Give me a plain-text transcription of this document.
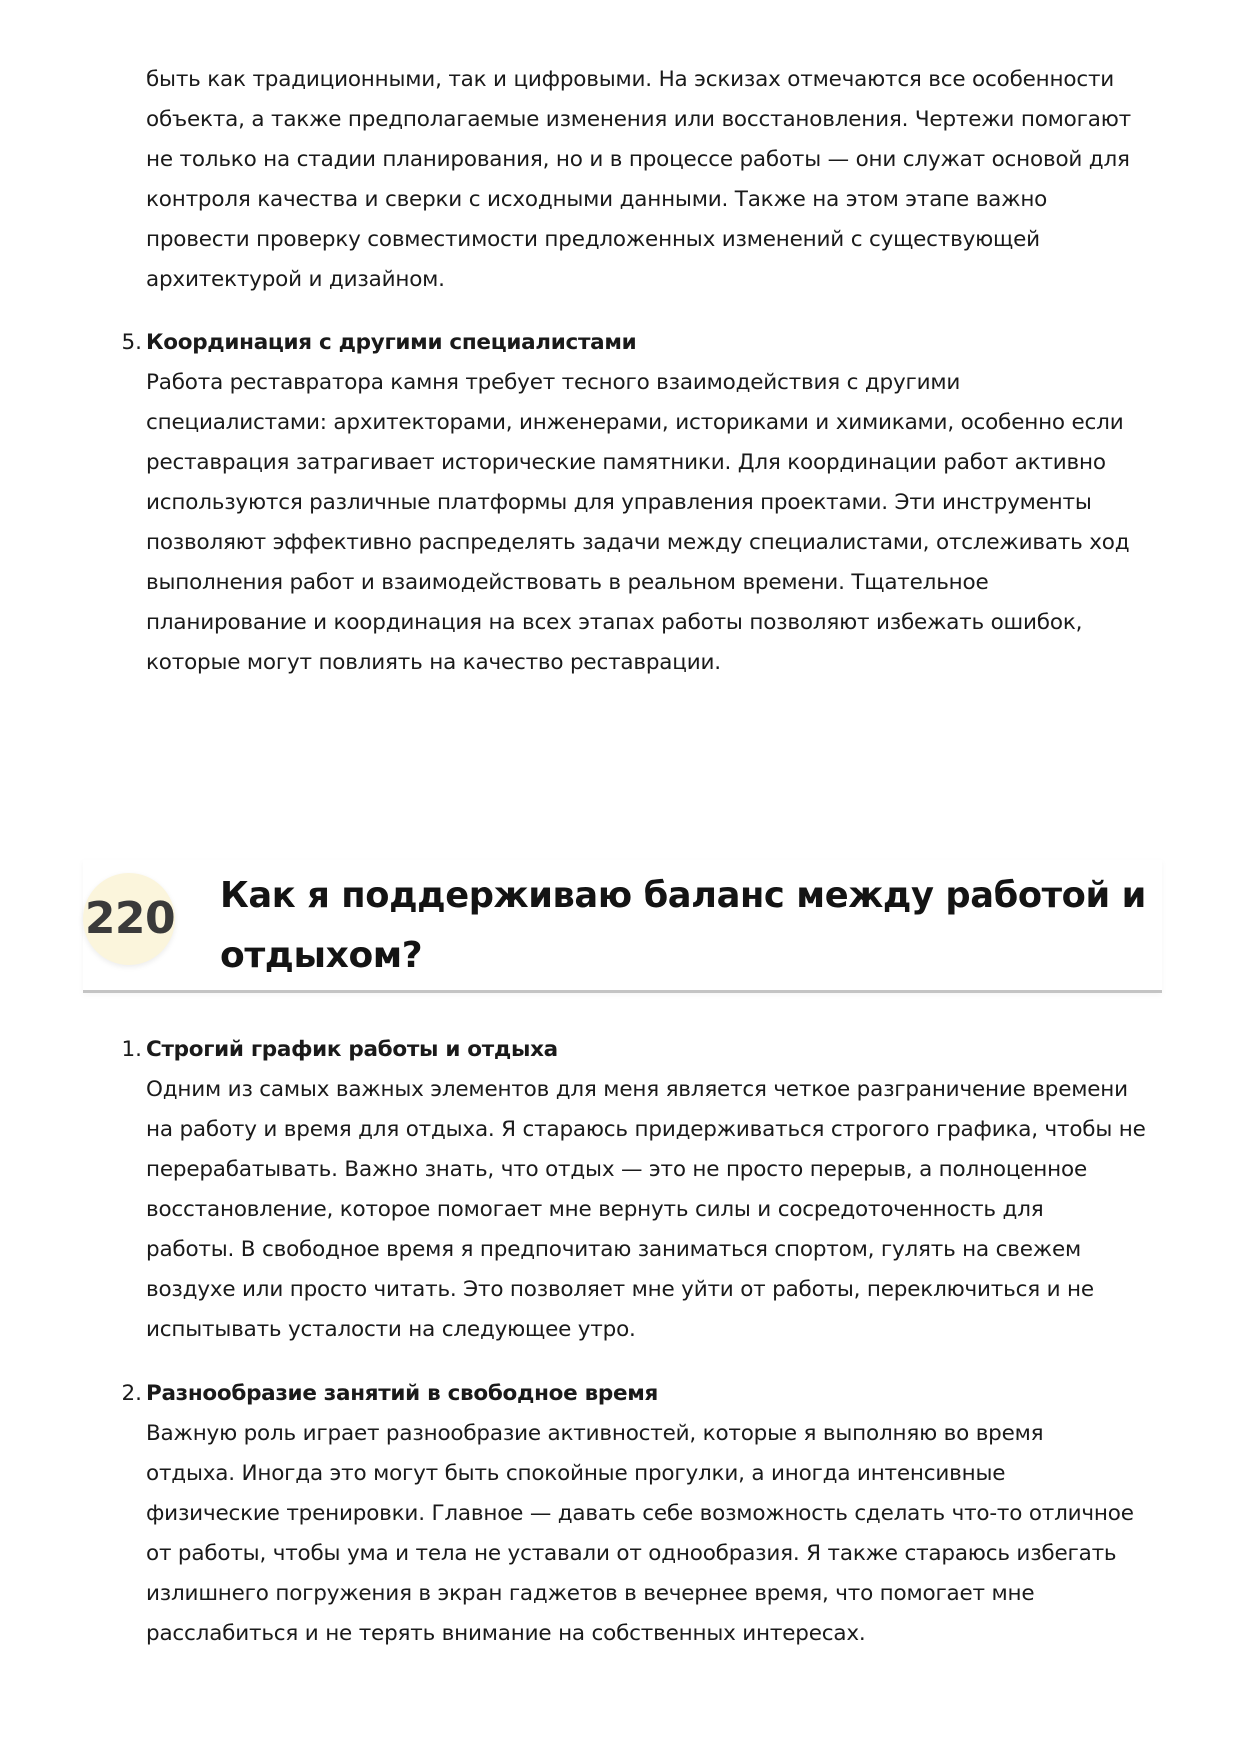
быть как традиционными, так и цифровыми. На эскизах отмечаются все особенности
объекта, а также предполагаемые изменения или восстановления. Чертежи помогают
не только на стадии планирования, но и в процессе работы — они служат основой для
контроля качества и сверки с исходными данными. Также на этом этапе важно
провести проверку совместимости предложенных изменений с существующей
архитектурой и дизайном.
5. Координация с другими специалистами
Работа реставратора камня требует тесного взаимодействия с другими
специалистами: архитекторами, инженерами, историками и химиками, особенно если
реставрация затрагивает исторические памятники. Для координации работ активно
используются различные платформы для управления проектами. Эти инструменты
позволяют эффективно распределять задачи между специалистами, отслеживать ход
выполнения работ и взаимодействовать в реальном времени. Тщательное
планирование и координация на всех этапах работы позволяют избежать ошибок,
которые могут повлиять на качество реставрации.
220 Как я поддерживаю баланс между работой и
отдыхом?
1. Строгий график работы и отдыха
Одним из самых важных элементов для меня является четкое разграничение времени
на работу и время для отдыха. Я стараюсь придерживаться строгого графика, чтобы не
перерабатывать. Важно знать, что отдых — это не просто перерыв, а полноценное
восстановление, которое помогает мне вернуть силы и сосредоточенность для
работы. В свободное время я предпочитаю заниматься спортом, гулять на свежем
воздухе или просто читать. Это позволяет мне уйти от работы, переключиться и не
испытывать усталости на следующее утро.
2. Разнообразие занятий в свободное время
Важную роль играет разнообразие активностей, которые я выполняю во время
отдыха. Иногда это могут быть спокойные прогулки, а иногда интенсивные
физические тренировки. Главное — давать себе возможность сделать что-то отличное
от работы, чтобы ума и тела не уставали от однообразия. Я также стараюсь избегать
излишнего погружения в экран гаджетов в вечернее время, что помогает мне
расслабиться и не терять внимание на собственных интересах.
